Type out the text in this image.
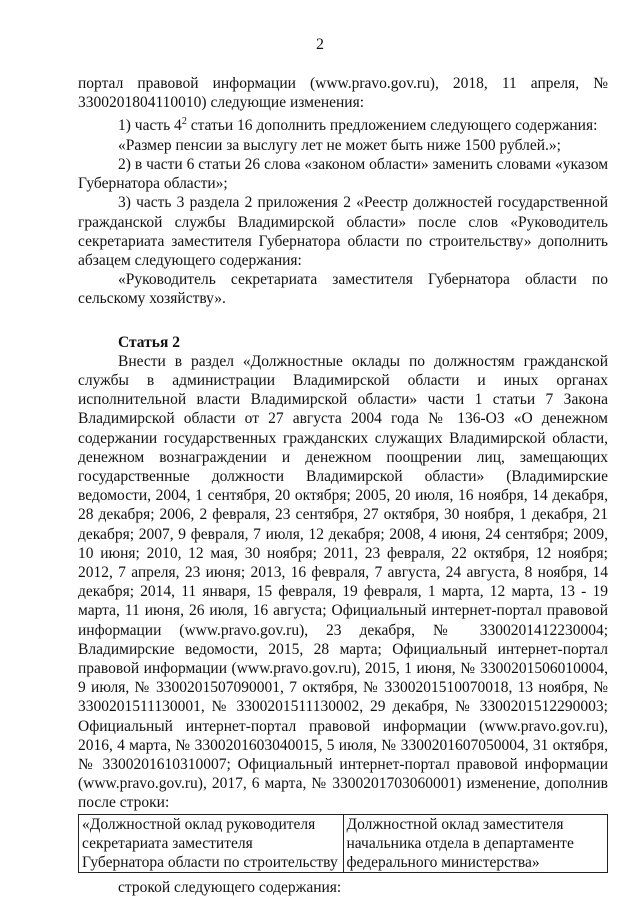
2

портал правовой информации (www.pravo.gov.ru), 2018, 11 апреля, № 3300201804110010) следующие изменения:

1) часть $4^2$ статьи 16 дополнить предложением следующего содержания:

«Размер пенсии за выслугу лет не может быть ниже 1500 рублей.»;

2) в части 6 статьи 26 слова «законом области» заменить словами «указом Губернатора области»;

3) часть 3 раздела 2 приложения 2 «Реестр должностей государственной гражданской службы Владимирской области» после слов «Руководитель секретариата заместителя Губернатора области по строительству» дополнить абзацем следующего содержания:

«Руководитель секретариата заместителя Губернатора области по сельскому хозяйству».

Статья 2

Внести в раздел «Должностные оклады по должностям гражданской службы в администрации Владимирской области и иных органах исполнительной власти Владимирской области» части 1 статьи 7 Закона Владимирской области от 27 августа 2004 года № 136-ОЗ «О денежном содержании государственных гражданских служащих Владимирской области, денежном вознаграждении и денежном поощрении лиц, замещающих государственные должности Владимирской области» (Владимирские ведомости, 2004, 1 сентября, 20 октября; 2005, 20 июля, 16 ноября, 14 декабря, 28 декабря; 2006, 2 февраля, 23 сентября, 27 октября, 30 ноября, 1 декабря, 21 декабря; 2007, 9 февраля, 7 июля, 12 декабря; 2008, 4 июня, 24 сентября; 2009, 10 июня; 2010, 12 мая, 30 ноября; 2011, 23 февраля, 22 октября, 12 ноября; 2012, 7 апреля, 23 июня; 2013, 16 февраля, 7 августа, 24 августа, 8 ноября, 14 декабря; 2014, 11 января, 15 февраля, 19 февраля, 1 марта, 12 марта, 13 - 19 марта, 11 июня, 26 июля, 16 августа; Официальный интернет-портал правовой информации (www.pravo.gov.ru), 23 декабря, № 3300201412230004; Владимирские ведомости, 2015, 28 марта; Официальный интернет-портал правовой информации (www.pravo.gov.ru), 2015, 1 июня, № 3300201506010004, 9 июля, № 3300201507090001, 7 октября, № 3300201510070018, 13 ноября, № 3300201511130001, № 3300201511130002, 29 декабря, № 3300201512290003; Официальный интернет-портал правовой информации (www.pravo.gov.ru), 2016, 4 марта, № 3300201603040015, 5 июля, № 3300201607050004, 31 октября, № 3300201610310007; Официальный интернет-портал правовой информации (www.pravo.gov.ru), 2017, 6 марта, № 3300201703060001) изменение, дополнив после строки:

«Должностной оклад руководителя секретариата заместителя Губернатора области по строительству	Должностной оклад заместителя начальника отдела в департаменте федерального министерства»

строкой следующего содержания:
